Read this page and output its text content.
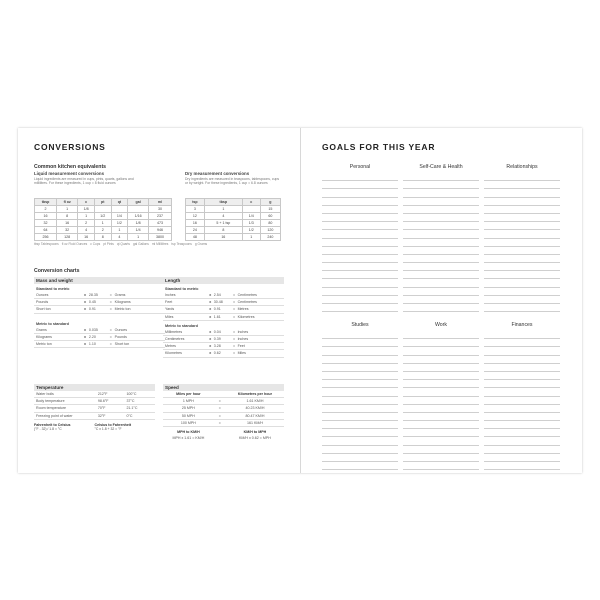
CONVERSIONS
Common kitchen equivalents
Liquid measurement conversions
Liquid ingredients are measured in cups, pints, quarts, gallons and millilitres. For these ingredients, 1 cup = 8 fluid ounces
Dry measurement conversions
Dry ingredients are measured in teaspoons, tablespoons, cups or by weight. For these ingredients, 1 cup = 6.8 ounces
tbsp	fl oz	c	pt	qt	gal	ml
2	1	1/8				30
16	8	1	1/2	1/4	1/16	237
32	16	2	1	1/2	1/8	473
64	32	4	2	1	1/4	946
256	128	16	8	4	1	3800
tsp	tbsp	c	g
3	1		15
12	4	1/4	60
16	5 + 1 tsp	1/3	80
24	8	1/2	120
48	16	1	240
tbsp Tablespoons fl oz Fluid Ounces c Cups pt Pints qt Quarts gal Gallons ml Millilitres tsp Teaspoons g Grams
Conversion charts
Mass and weight
Standard to metric
Ounces	x 28.35	= Grams
Pounds	x 0.45	= Kilograms
Short ton	x 0.91	= Metric ton
Metric to standard
Grams	x 0.035	= Ounces
Kilograms	x 2.20	= Pounds
Metric ton	x 1.10	= Short ton
Length
Standard to metric
Inches	x 2.54	= Centimetres
Feet	x 30.48	= Centimetres
Yards	x 0.91	= Metres
Miles	x 1.61	= Kilometres
Metric to standard
Millimetres	x 0.04	= Inches
Centimetres	x 0.39	= Inches
Metres	x 3.28	= Feet
Kilometres	x 0.62	= Miles
Temperature
Water boils	212°F	100°C
Body temperature	98.6°F	37°C
Room temperature	70°F	21.1°C
Freezing point of water	32°F	0°C
Fahrenheit to Celsius
(°F - 32) / 1.8 = °C
Celsius to Fahrenheit
°C x 1.8 + 32 = °F
Speed
Miles per hour	Kilometres per hour
1 MPH	=	1.61 KM/H
25 MPH	=	40.23 KM/H
50 MPH	=	80.47 KM/H
100 MPH	=	161 KM/H
MPH to KM/H	KM/H to MPH
MPH x 1.61 = KM/H	KM/H x 0.62 = MPH
GOALS FOR THIS YEAR
Personal	Self-Care & Health	Relationships
Studies	Work	Finances
